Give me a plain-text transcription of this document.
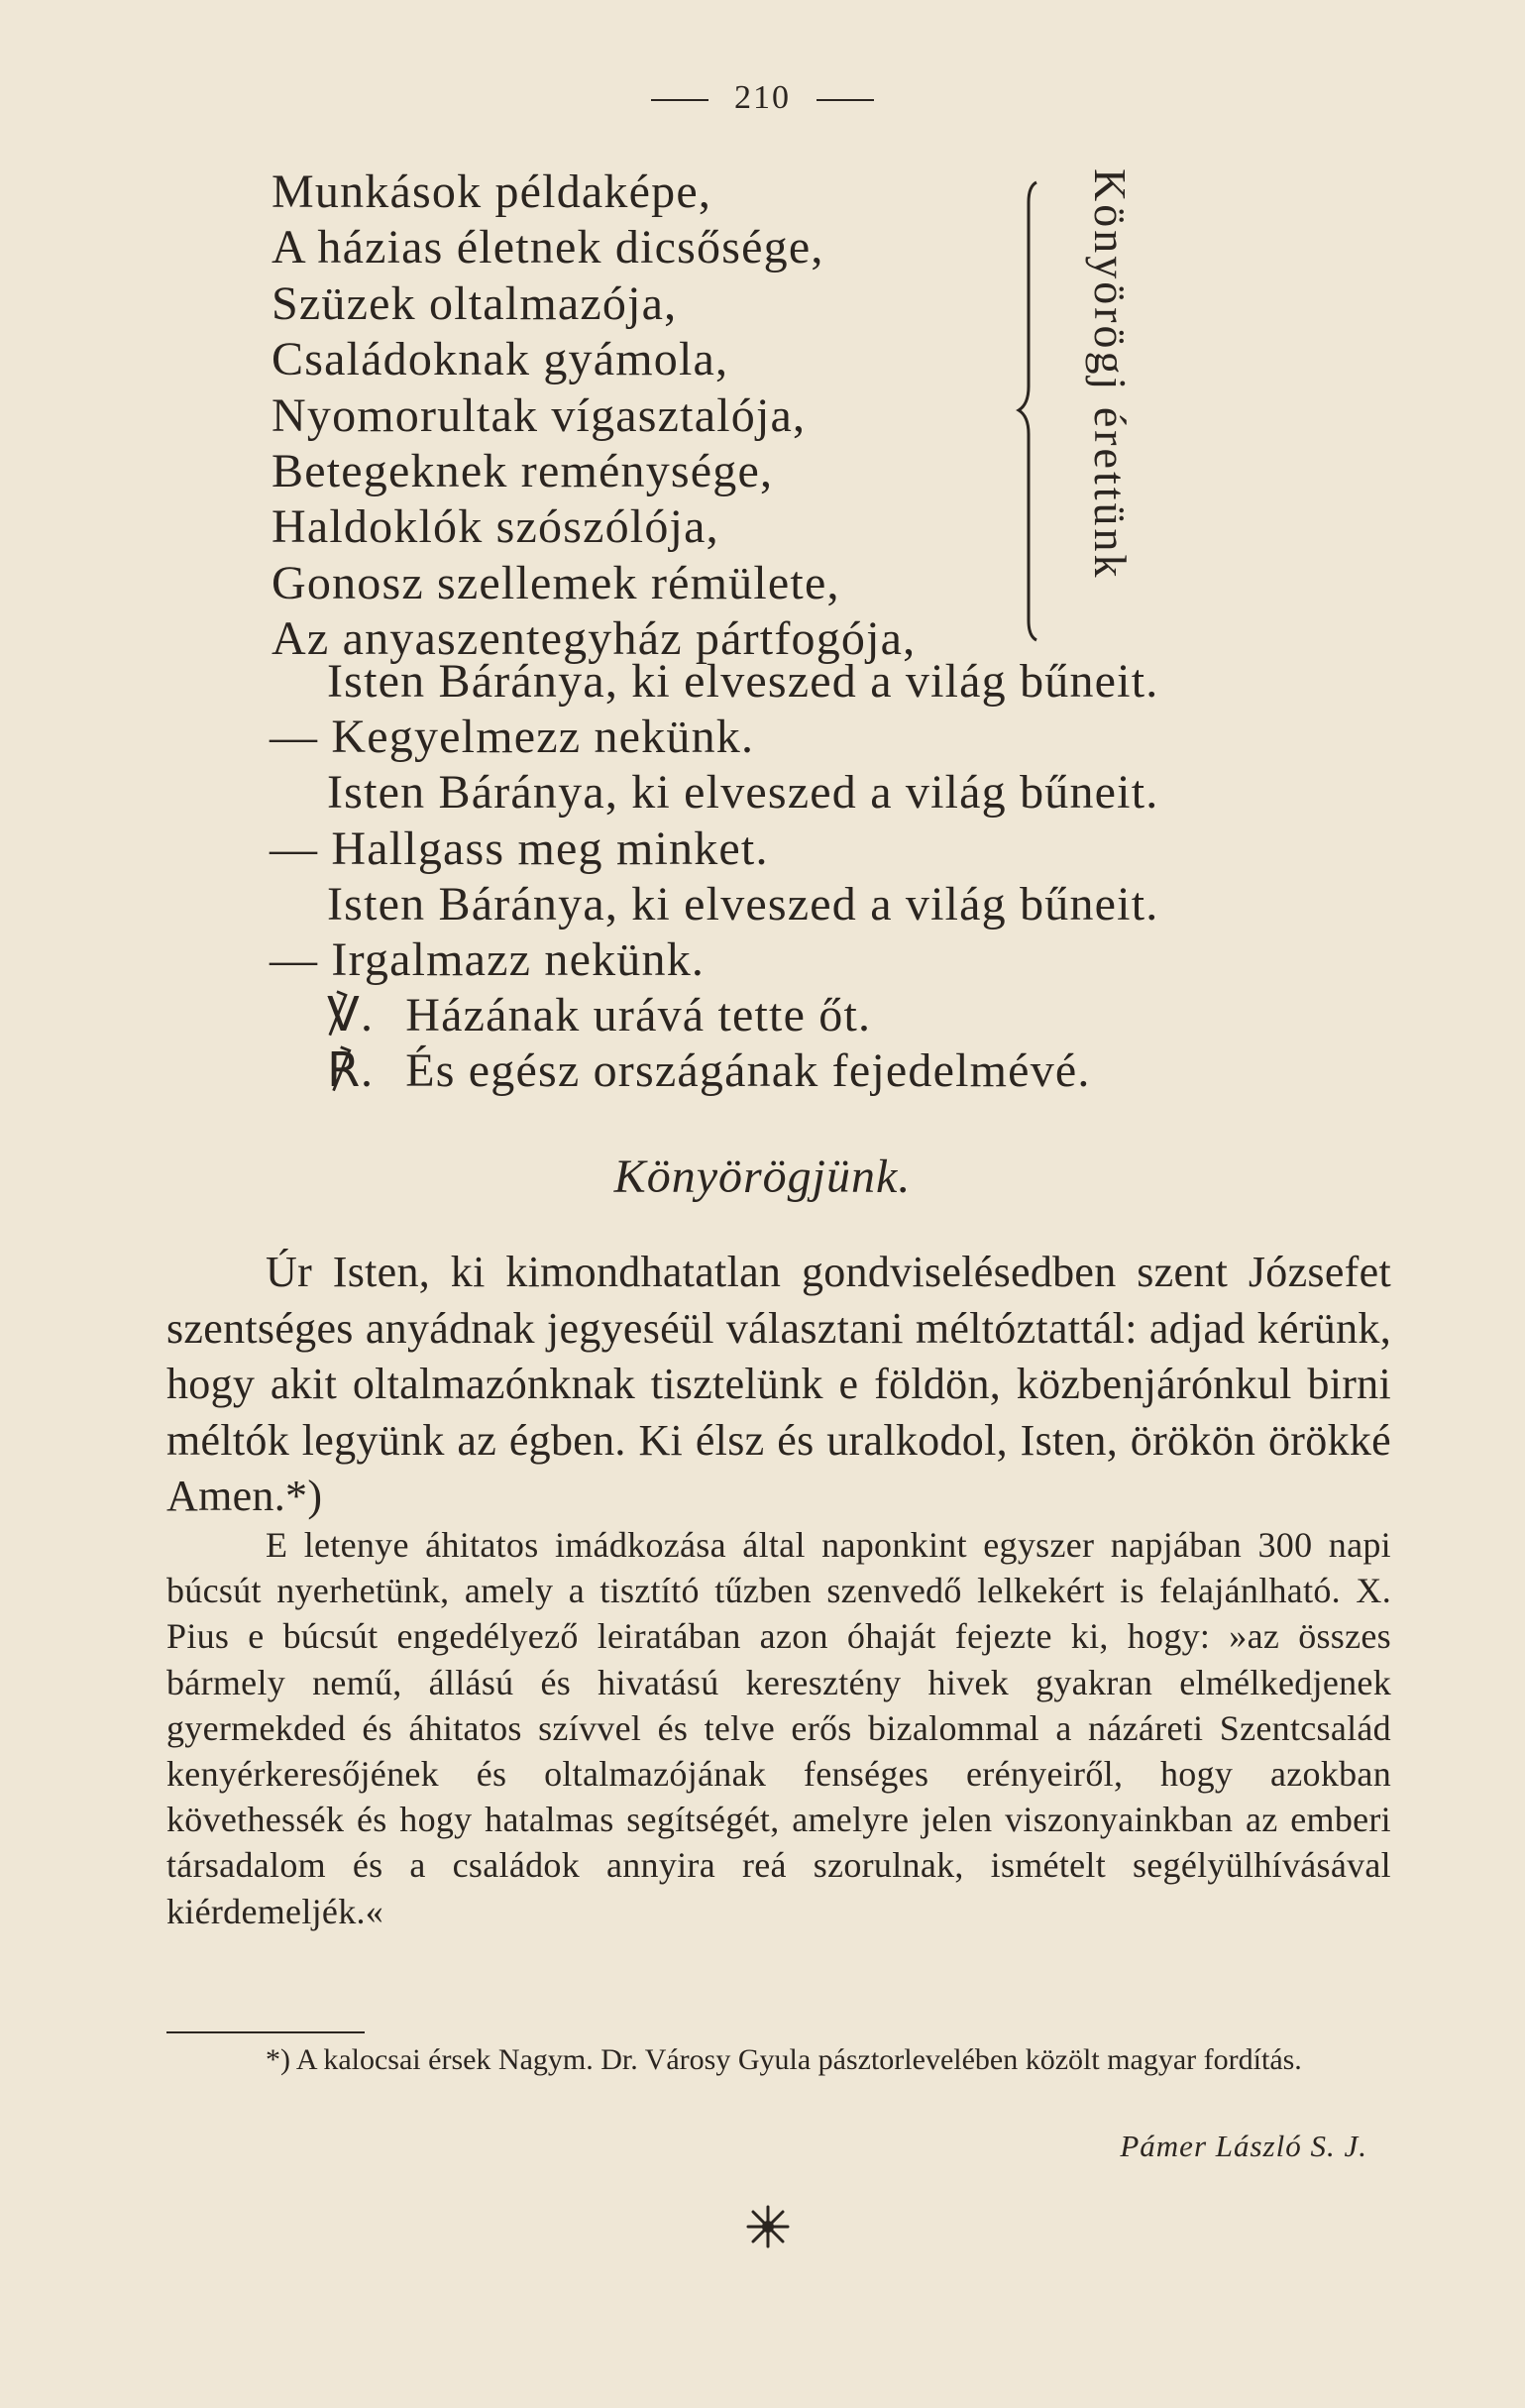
210
Munkások példaképe,
A házias életnek dicsősége,
Szüzek oltalmazója,
Családoknak gyámola,
Nyomorultak vígasztalója,
Betegeknek reménysége,
Haldoklók szószólója,
Gonosz szellemek rémülete,
Az anyaszentegyház pártfogója,
Könyörögj érettünk
Isten Báránya, ki elveszed a világ bűneit.
— Kegyelmezz nekünk.
Isten Báránya, ki elveszed a világ bűneit.
— Hallgass meg minket.
Isten Báránya, ki elveszed a világ bűneit.
— Irgalmazz nekünk.
℣. Házának urává tette őt.
℟. És egész országának fejedelmévé.
Könyörögjünk.

Úr Isten, ki kimondhatatlan gondviselésedben szent Józsefet szentséges anyádnak jegyeséül választani méltóztattál: adjad kérünk, hogy akit oltalmazónknak tisztelünk e földön, közbenjárónkul birni méltók legyünk az égben. Ki élsz és uralkodol, Isten, örökön örökké Amen.*)

E letenye áhitatos imádkozása által naponkint egyszer napjában 300 napi búcsút nyerhetünk, amely a tisztító tűzben szenvedő lelkekért is felajánlható. X. Pius e búcsút engedélyező leiratában azon óhaját fejezte ki, hogy: »az összes bármely nemű, állású és hivatású keresztény hivek gyakran elmélkedjenek gyermekded és áhitatos szívvel és telve erős bizalommal a názáreti Szentcsalád kenyérkeresőjének és oltalmazójának fenséges erényeiről, hogy azokban követhessék és hogy hatalmas segítségét, amelyre jelen viszonyainkban az emberi társadalom és a családok annyira reá szorulnak, ismételt segélyülhívásával kiérdemeljék.«

*) A kalocsai érsek Nagym. Dr. Városy Gyula pásztorlevelében közölt magyar fordítás.

Pámer László S. J.
